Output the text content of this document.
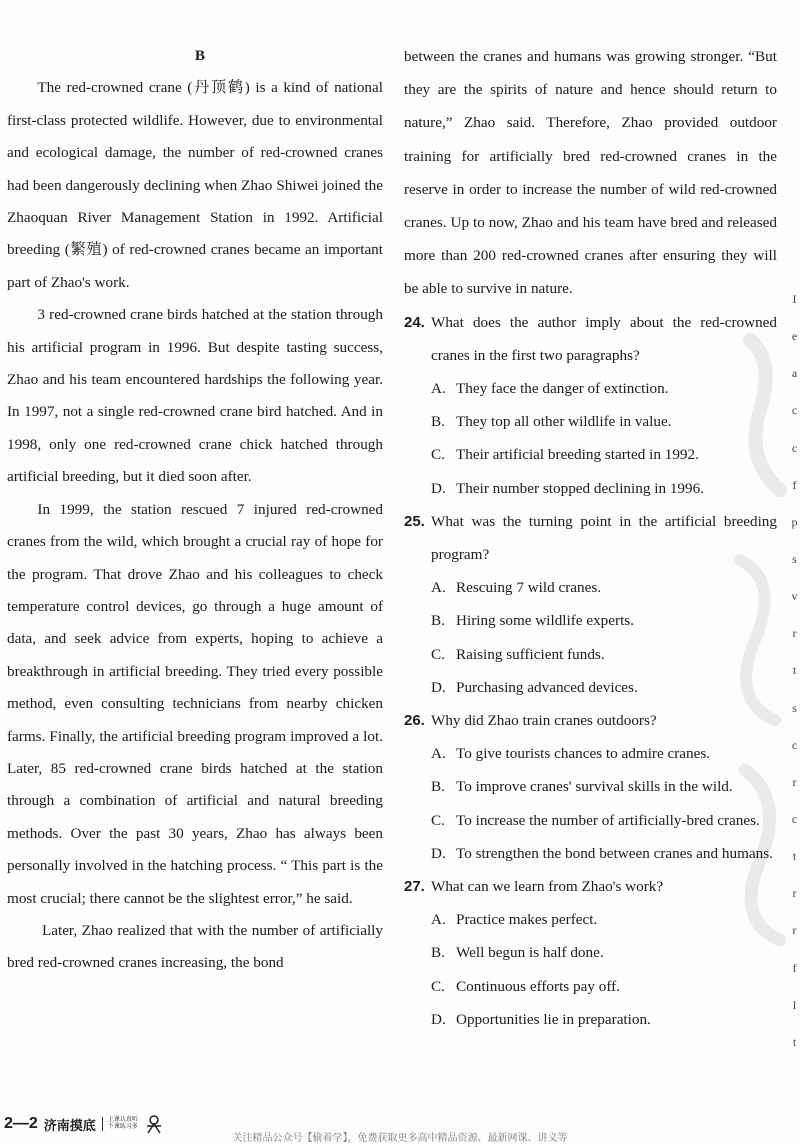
B

The red-crowned crane (丹顶鹤) is a kind of national first-class protected wildlife. However, due to environmental and ecological damage, the number of red-crowned cranes had been dangerously declining when Zhao Shiwei joined the Zhaoquan River Management Station in 1992. Artificial breeding (繁殖) of red-crowned cranes became an important part of Zhao's work.

3 red-crowned crane birds hatched at the station through his artificial program in 1996. But despite tasting success, Zhao and his team encountered hardships the following year. In 1997, not a single red-crowned crane bird hatched. And in 1998, only one red-crowned crane chick hatched through artificial breeding, but it died soon after.

In 1999, the station rescued 7 injured red-crowned cranes from the wild, which brought a crucial ray of hope for the program. That drove Zhao and his colleagues to check temperature control devices, go through a huge amount of data, and seek advice from experts, hoping to achieve a breakthrough in artificial breeding. They tried every possible method, even consulting technicians from nearby chicken farms. Finally, the artificial breeding program improved a lot. Later, 85 red-crowned crane birds hatched at the station through a combination of artificial and natural breeding methods. Over the past 30 years, Zhao has always been personally involved in the hatching process. “ This part is the most crucial; there cannot be the slightest error,” he said.

Later, Zhao realized that with the number of artificially bred red-crowned cranes increasing, the bond

between the cranes and humans was growing stronger. “But they are the spirits of nature and hence should return to nature,” Zhao said. Therefore, Zhao provided outdoor training for artificially bred red-crowned cranes in the reserve in order to increase the number of wild red-crowned cranes. Up to now, Zhao and his team have bred and released more than 200 red-crowned cranes after ensuring they will be able to survive in nature.

24. What does the author imply about the red-crowned cranes in the first two paragraphs?

A. They face the danger of extinction.

B. They top all other wildlife in value.

C. Their artificial breeding started in 1992.

D. Their number stopped declining in 1996.

25. What was the turning point in the artificial breeding program?

A. Rescuing 7 wild cranes.

B. Hiring some wildlife experts.

C. Raising sufficient funds.

D. Purchasing advanced devices.

26. Why did Zhao train cranes outdoors?

A. To give tourists chances to admire cranes.

B. To improve cranes' survival skills in the wild.

C. To increase the number of artificially-bred cranes.

D. To strengthen the bond between cranes and humans.

27. What can we learn from Zhao's work?

A. Practice makes perfect.

B. Well begun is half done.

C. Continuous efforts pay off.

D. Opportunities lie in preparation.

I
e
a
c
c
f
p
s
v
r
t
s
c
r
c
t
r
r
f
l
t
2—2 济南摸底	上课认真听
下课练习多
关注精品公众号【偷着学】，免费获取更多高中精品资源、最新网课、讲义等
